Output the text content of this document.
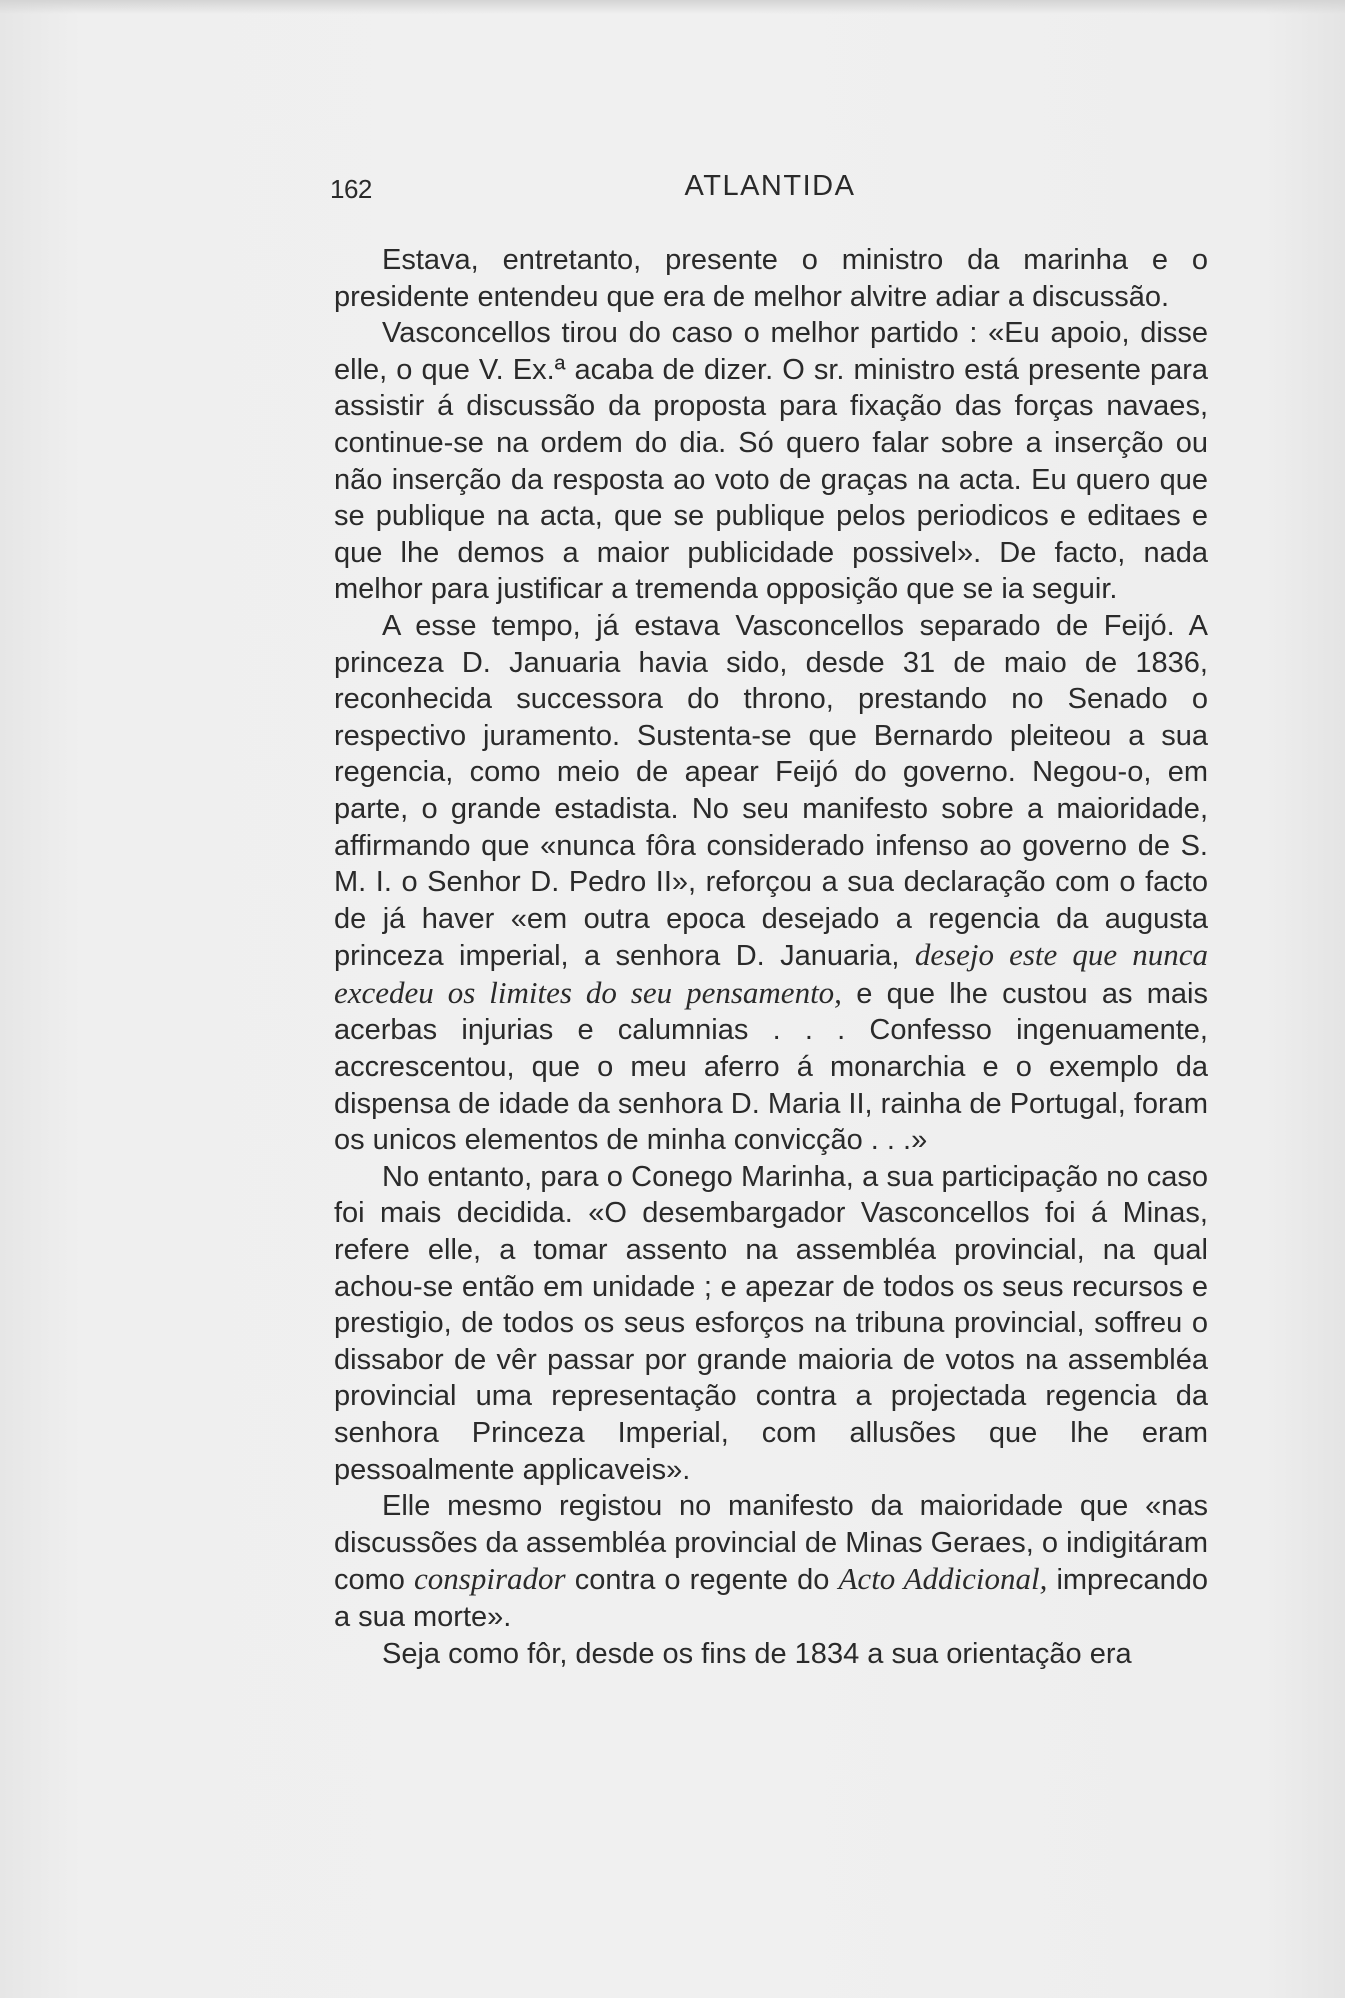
162	ATLANTIDA

Estava, entretanto, presente o ministro da marinha e o presidente entendeu que era de melhor alvitre adiar a discussão.

Vasconcellos tirou do caso o melhor partido : «Eu apoio, disse elle, o que V. Ex.ª acaba de dizer. O sr. ministro está presente para assistir á discussão da proposta para fixação das forças navaes, continue-se na ordem do dia. Só quero falar sobre a inserção ou não inserção da resposta ao voto de graças na acta. Eu quero que se publique na acta, que se publique pelos periodicos e editaes e que lhe demos a maior publicidade possivel». De facto, nada melhor para justificar a tremenda opposição que se ia seguir.

A esse tempo, já estava Vasconcellos separado de Feijó. A princeza D. Januaria havia sido, desde 31 de maio de 1836, reconhecida successora do throno, prestando no Senado o respectivo juramento. Sustenta-se que Bernardo pleiteou a sua regencia, como meio de apear Feijó do governo. Negou-o, em parte, o grande estadista. No seu manifesto sobre a maioridade, affirmando que «nunca fôra considerado infenso ao governo de S. M. I. o Senhor D. Pedro II», reforçou a sua declaração com o facto de já haver «em outra epoca desejado a regencia da augusta princeza imperial, a senhora D. Januaria, desejo este que nunca excedeu os limites do seu pensamento, e que lhe custou as mais acerbas injurias e calumnias . . . Confesso ingenuamente, accrescentou, que o meu aferro á monarchia e o exemplo da dispensa de idade da senhora D. Maria II, rainha de Portugal, foram os unicos elementos de minha convicção . . .»

No entanto, para o Conego Marinha, a sua participação no caso foi mais decidida. «O desembargador Vasconcellos foi á Minas, refere elle, a tomar assento na assembléa provincial, na qual achou-se então em unidade ; e apezar de todos os seus recursos e prestigio, de todos os seus esforços na tribuna provincial, soffreu o dissabor de vêr passar por grande maioria de votos na assembléa provincial uma representação contra a projectada regencia da senhora Princeza Imperial, com allusões que lhe eram pessoalmente applicaveis».

Elle mesmo registou no manifesto da maioridade que «nas discussões da assembléa provincial de Minas Geraes, o indigitáram como conspirador contra o regente do Acto Addicional, imprecando a sua morte».

Seja como fôr, desde os fins de 1834 a sua orientação era
